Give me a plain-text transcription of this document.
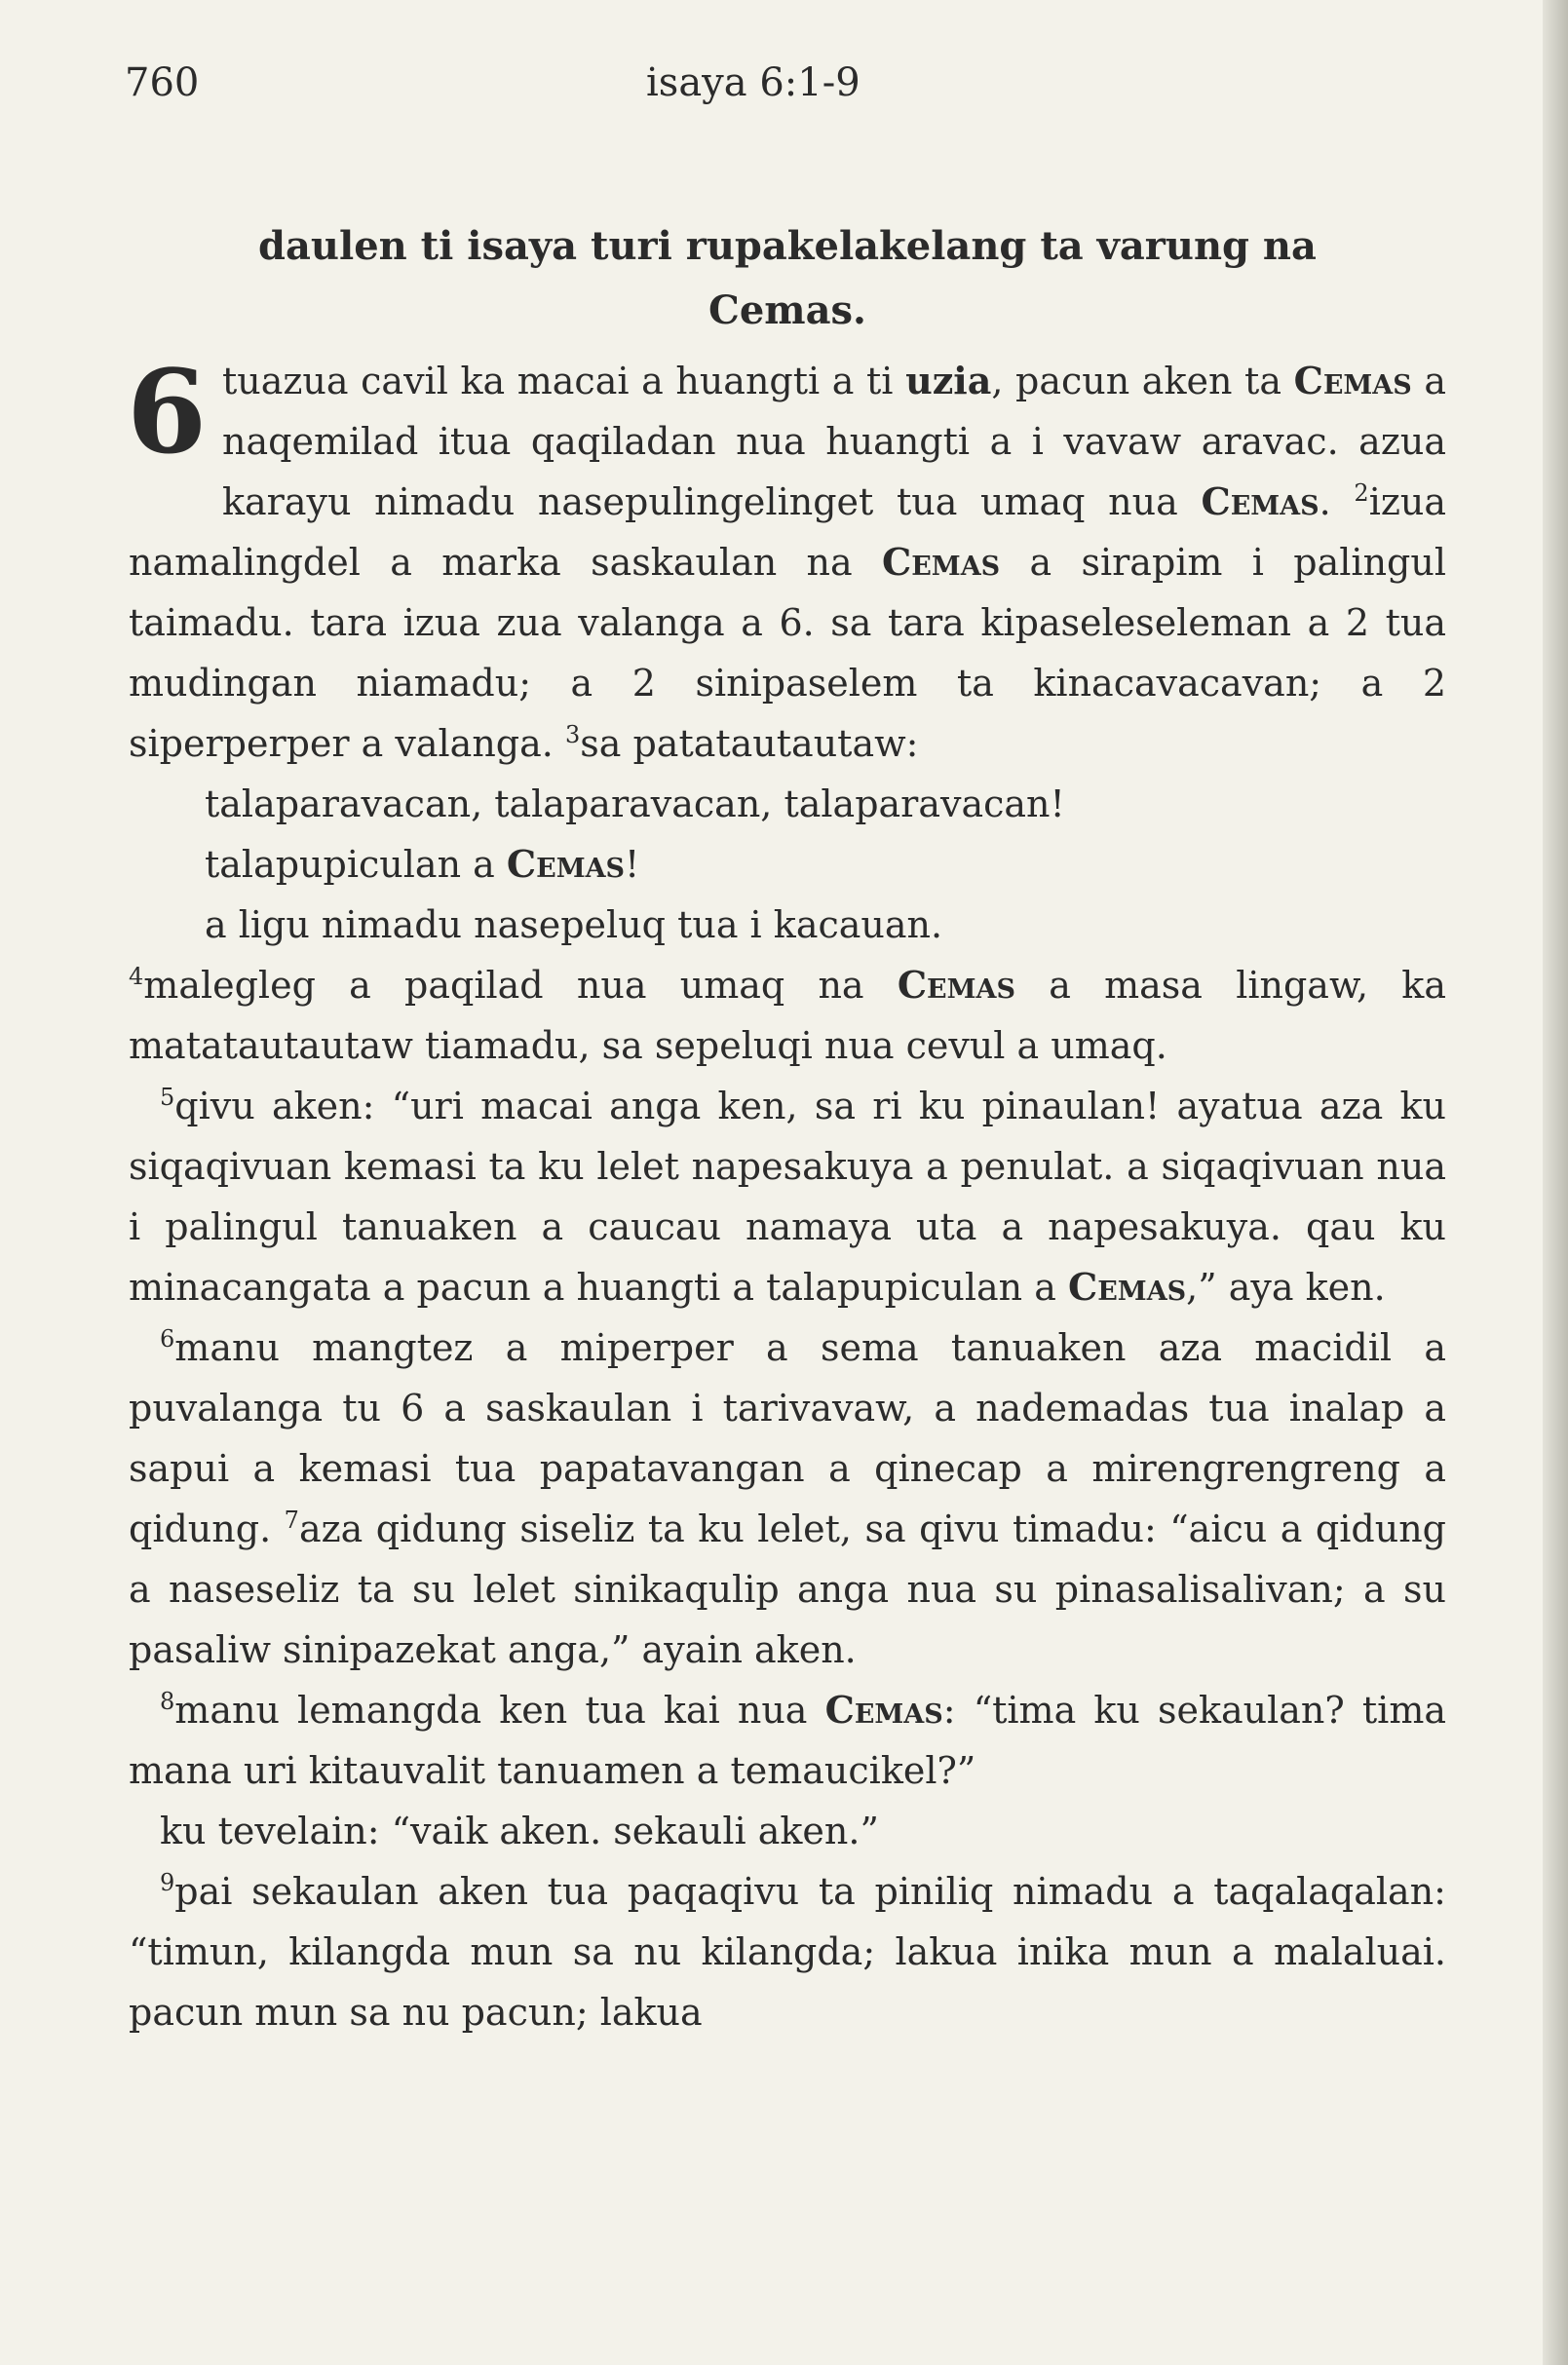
760	isaya 6:1-9
daulen ti isaya turi rupakelakelang ta varung na
Cemas.
6 tuazua cavil ka macai a huangti a ti uzia, pacun aken ta Cemas a naqemilad itua qaqiladan nua huangti a i vavaw aravac. azua karayu nimadu nasepulingelinget tua umaq nua Cemas. $^2$izua namalingdel a marka saskaulan na Cemas a sirapim i palingul taimadu. tara izua zua valanga a 6. sa tara kipaseleseleman a 2 tua mudingan niamadu; a 2 sinipaselem ta kinacavacavan; a 2 siperperper a valanga. $^3$sa patatautautaw:

talaparavacan, talaparavacan, talaparavacan!
talapupiculan a Cemas!
a ligu nimadu nasepeluq tua i kacauan.

$^4$malegleg a paqilad nua umaq na Cemas a masa lingaw, ka matatautautaw tiamadu, sa sepeluqi nua cevul a umaq.

$^5$qivu aken: “uri macai anga ken, sa ri ku pinaulan! ayatua aza ku siqaqivuan kemasi ta ku lelet napesakuya a penulat. a siqaqivuan nua i palingul tanuaken a caucau namaya uta a napesakuya. qau ku minacangata a pacun a huangti a talapupiculan a Cemas,” aya ken.

$^6$manu mangtez a miperper a sema tanuaken aza macidil a puvalanga tu 6 a saskaulan i tarivavaw, a nademadas tua inalap a sapui a kemasi tua papatavangan a qinecap a mirengrengreng a qidung. $^7$aza qidung siseliz ta ku lelet, sa qivu timadu: “aicu a qidung a naseseliz ta su lelet sinikaqulip anga nua su pinasalisalivan; a su pasaliw sinipazekat anga,” ayain aken.

$^8$manu lemangda ken tua kai nua Cemas: “tima ku sekaulan? tima mana uri kitauvalit tanuamen a temaucikel?”

ku tevelain: “vaik aken. sekauli aken.”

$^9$pai sekaulan aken tua paqaqivu ta piniliq nimadu a taqalaqalan: “timun, kilangda mun sa nu kilangda; lakua inika mun a malaluai. pacun mun sa nu pacun; lakua
